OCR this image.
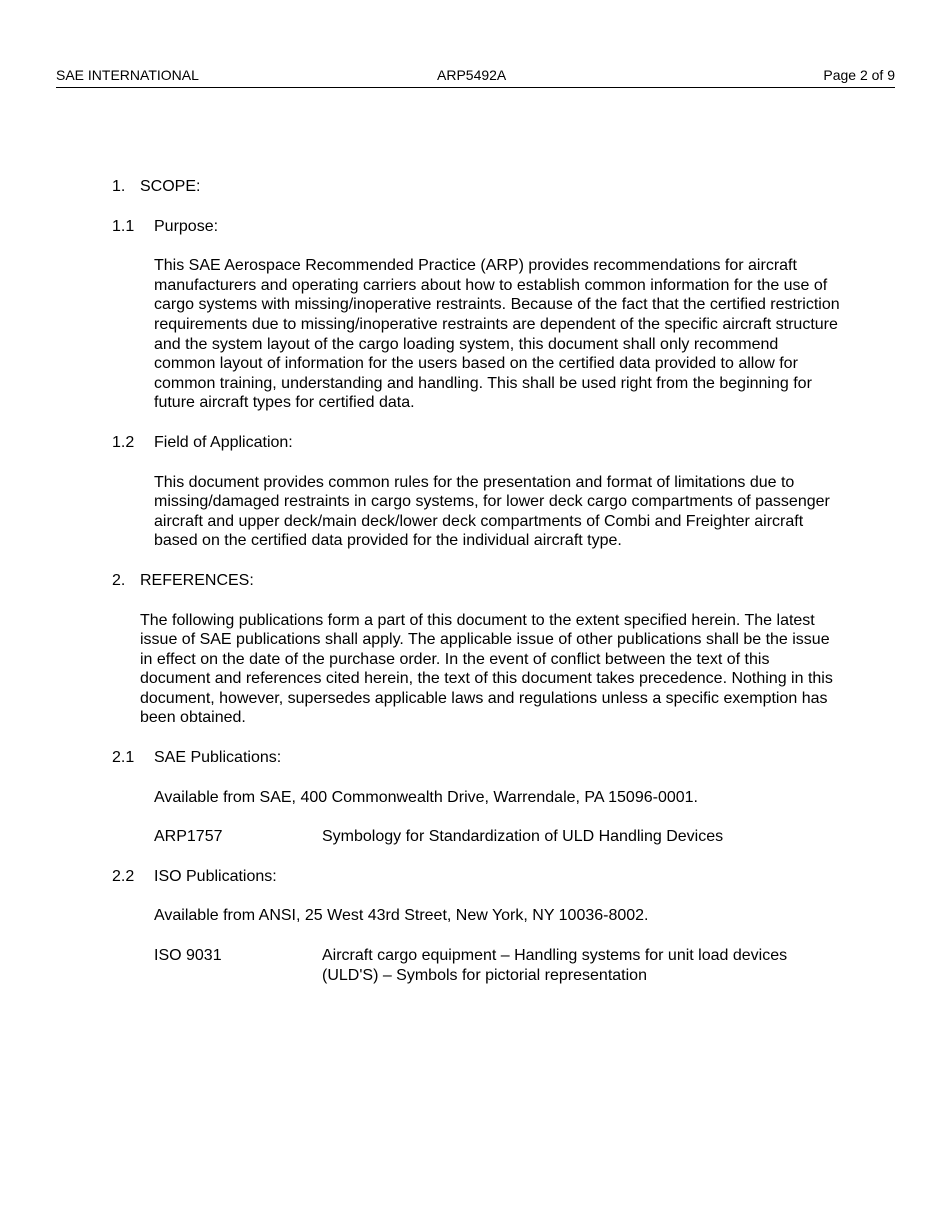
SAE INTERNATIONAL	ARP5492A	Page 2 of 9
1. SCOPE:
1.1	Purpose:
This SAE Aerospace Recommended Practice (ARP) provides recommendations for aircraft manufacturers and operating carriers about how to establish common information for the use of cargo systems with missing/inoperative restraints. Because of the fact that the certified restriction requirements due to missing/inoperative restraints are dependent of the specific aircraft structure and the system layout of the cargo loading system, this document shall only recommend common layout of information for the users based on the certified data provided to allow for common training, understanding and handling. This shall be used right from the beginning for future aircraft types for certified data.
1.2	Field of Application:
This document provides common rules for the presentation and format of limitations due to missing/damaged restraints in cargo systems, for lower deck cargo compartments of passenger aircraft and upper deck/main deck/lower deck compartments of Combi and Freighter aircraft based on the certified data provided for the individual aircraft type.
2. REFERENCES:
The following publications form a part of this document to the extent specified herein. The latest issue of SAE publications shall apply. The applicable issue of other publications shall be the issue in effect on the date of the purchase order. In the event of conflict between the text of this document and references cited herein, the text of this document takes precedence. Nothing in this document, however, supersedes applicable laws and regulations unless a specific exemption has been obtained.
2.1	SAE Publications:
Available from SAE, 400 Commonwealth Drive, Warrendale, PA 15096-0001.
ARP1757	Symbology for Standardization of ULD Handling Devices
2.2	ISO Publications:
Available from ANSI, 25 West 43rd Street, New York, NY 10036-8002.
ISO 9031	Aircraft cargo equipment – Handling systems for unit load devices (ULD'S) – Symbols for pictorial representation
